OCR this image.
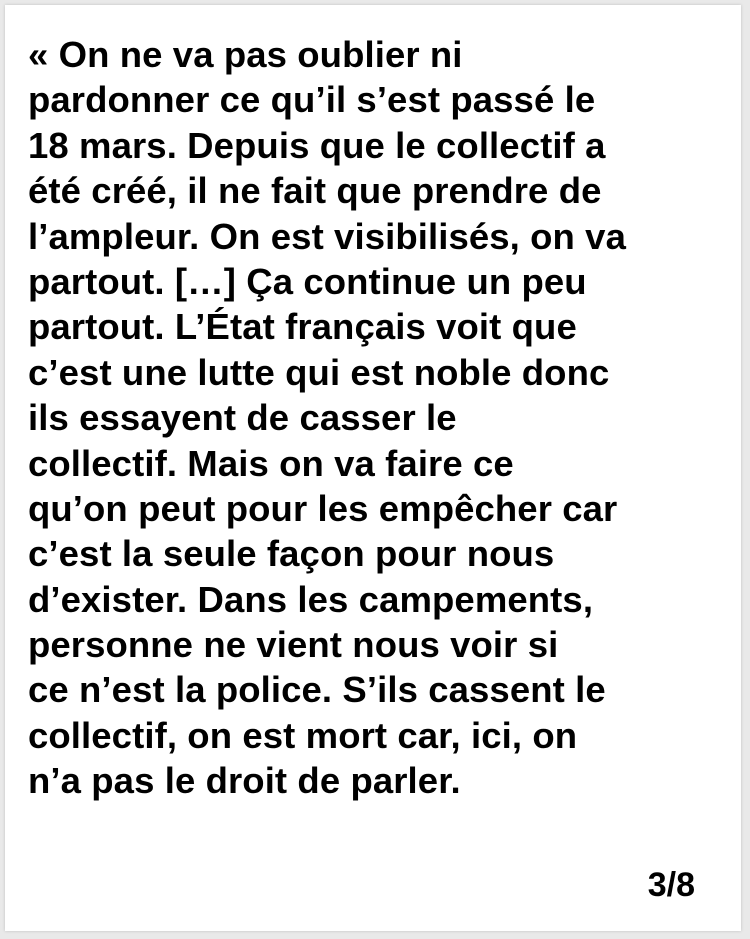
« On ne va pas oublier ni
pardonner ce qu’il s’est passé le
18 mars. Depuis que le collectif a
été créé, il ne fait que prendre de
l’ampleur. On est visibilisés, on va
partout. […] Ça continue un peu
partout. L’État français voit que
c’est une lutte qui est noble donc
ils essayent de casser le
collectif. Mais on va faire ce
qu’on peut pour les empêcher car
c’est la seule façon pour nous
d’exister. Dans les campements,
personne ne vient nous voir si
ce n’est la police. S’ils cassent le
collectif, on est mort car, ici, on
n’a pas le droit de parler.
3/8
